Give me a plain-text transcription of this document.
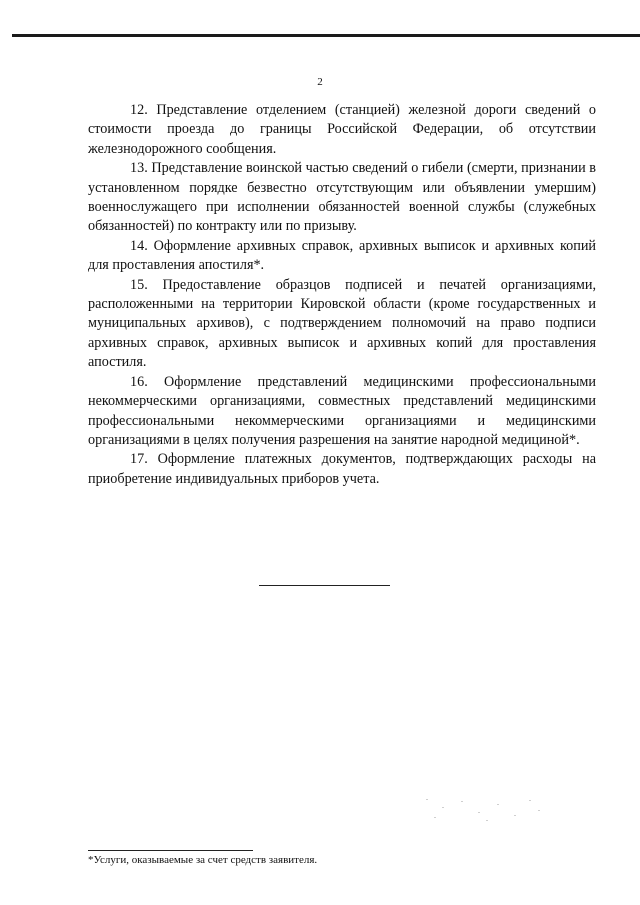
2

12. Представление отделением (станцией) железной дороги сведений о стоимости проезда до границы Российской Федерации, об отсутствии железнодорожного сообщения.

13. Представление воинской частью сведений о гибели (смерти, признании в установленном порядке безвестно отсутствующим или объявлении умершим) военнослужащего при исполнении обязанностей военной службы (служебных обязанностей) по контракту или по призыву.

14. Оформление архивных справок, архивных выписок и архивных копий для проставления апостиля*.

15. Предоставление образцов подписей и печатей организациями, расположенными на территории Кировской области (кроме государственных и муниципальных архивов), с подтверждением полномочий на право подписи архивных справок, архивных выписок и архивных копий для проставления апостиля.

16. Оформление представлений медицинскими профессиональными некоммерческими организациями, совместных представлений медицинскими профессиональными некоммерческими организациями и медицинскими организациями в целях получения разрешения на занятие народной медициной*.

17. Оформление платежных документов, подтверждающих расходы на приобретение индивидуальных приборов учета.

*Услуги, оказываемые за счет средств заявителя.
